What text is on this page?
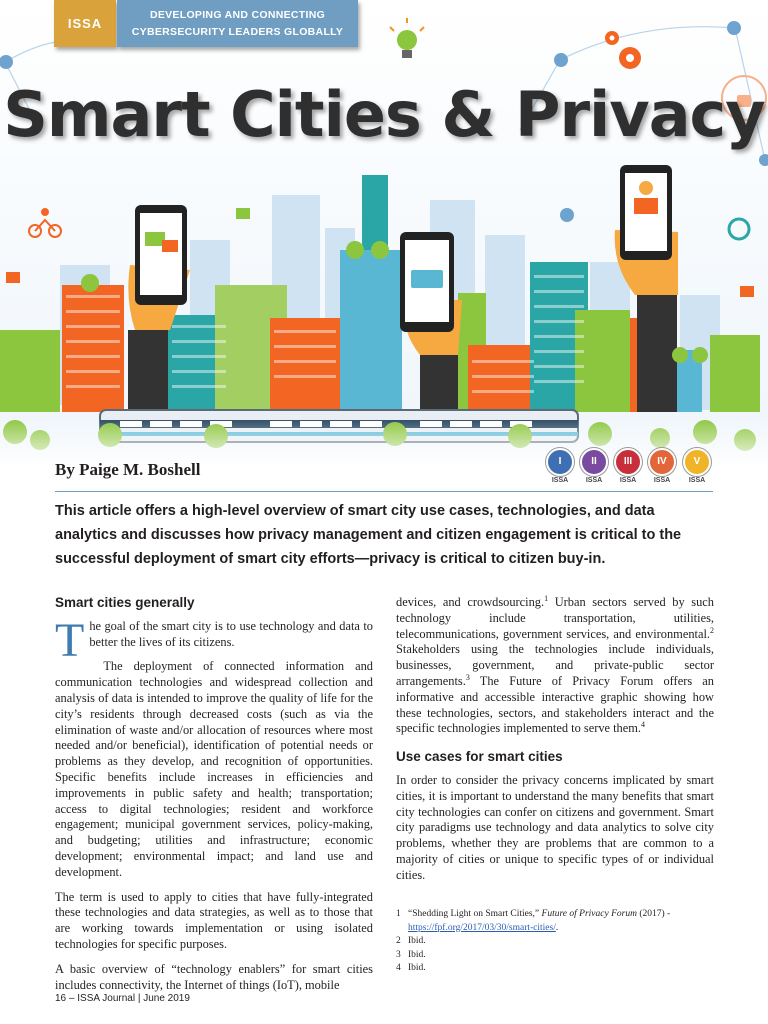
ISSA
DEVELOPING AND CONNECTING
CYBERSECURITY LEADERS GLOBALLY
Smart Cities & Privacy
By Paige M. Boshell	I
ISSA
II
ISSA
III
ISSA
IV
ISSA
V
ISSA
This article offers a high-level overview of smart city use cases, technologies, and data analytics and discusses how privacy management and citizen engagement is critical to the successful deployment of smart city efforts—privacy is critical to citizen buy-in.
Smart cities generally

The goal of the smart city is to use technology and data to better the lives of its citizens.

The deployment of connected information and communication technologies and widespread collection and analysis of data is intended to improve the quality of life for the city’s residents through decreased costs (such as via the elimination of waste and/or allocation of resources where most needed and/or beneficial), identification of potential needs or problems as they develop, and recognition of opportunities. Specific benefits include increases in efficiencies and improvements in public safety and health; transportation; access to digital technologies; resident and workforce engagement; municipal government services, policy-making, and budgeting; utilities and infrastructure; economic development; environmental impact; and land use and development.

The term is used to apply to cities that have fully-integrated these technologies and data strategies, as well as to those that are working towards implementation or using isolated technologies for specific purposes.

A basic overview of “technology enablers” for smart cities includes connectivity, the Internet of things (IoT), mobile

devices, and crowdsourcing.$^1$ Urban sectors served by such technology include transportation, utilities, telecommunications, government services, and environmental.$^2$ Stakeholders using the technologies include individuals, businesses, government, and private-public sector arrangements.$^3$ The Future of Privacy Forum offers an informative and accessible interactive graphic showing how these technologies, sectors, and stakeholders interact and the specific technologies implemented to serve them.$^4$

Use cases for smart cities

In order to consider the privacy concerns implicated by smart cities, it is important to understand the many benefits that smart city technologies can confer on citizens and government. Smart city paradigms use technology and data analytics to solve city problems, whether they are problems that are common to a majority of cities or unique to specific types of or individual cities.

1 “Shedding Light on Smart Cities,” Future of Privacy Forum (2017) - https://fpf.org/2017/03/30/smart-cities/.
2 Ibid.
3 Ibid.
4 Ibid.
16 – ISSA Journal | June 2019
